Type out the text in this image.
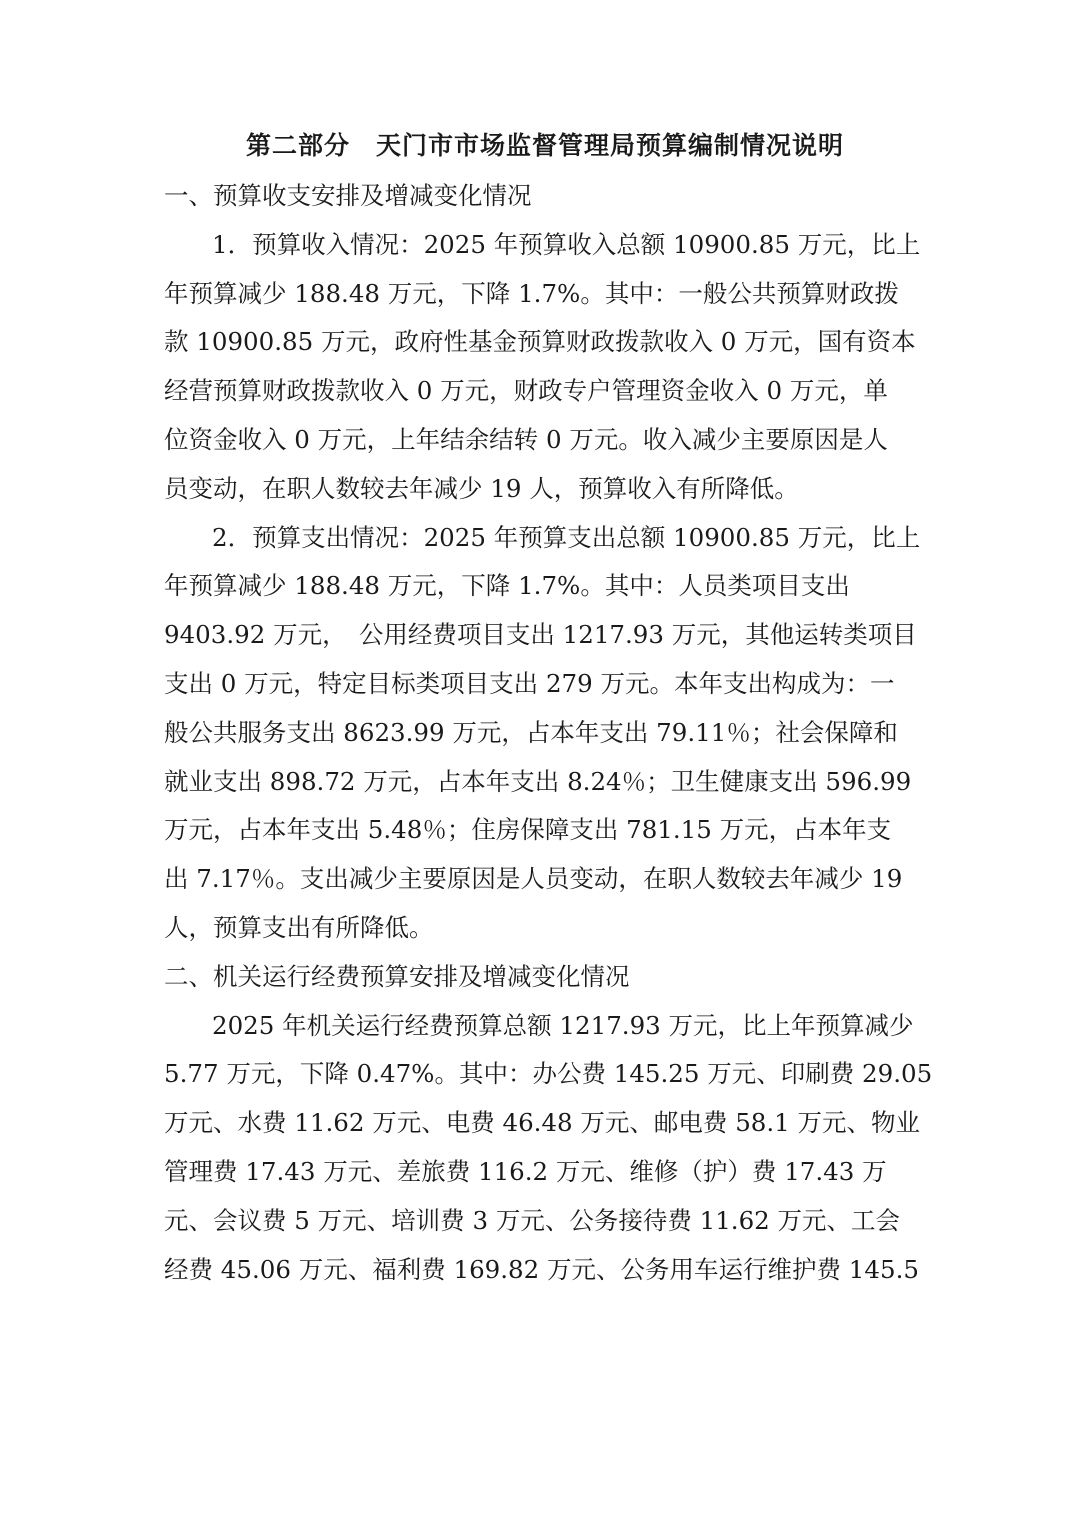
第二部分　天门市市场监督管理局预算编制情况说明
一、预算收支安排及增减变化情况
1．预算收入情况：2025 年预算收入总额 10900.85 万元，比上
年预算减少 188.48 万元，下降 1.7%。其中：一般公共预算财政拨
款 10900.85 万元，政府性基金预算财政拨款收入 0 万元，国有资本
经营预算财政拨款收入 0 万元，财政专户管理资金收入 0 万元，单
位资金收入 0 万元，上年结余结转 0 万元。收入减少主要原因是人
员变动，在职人数较去年减少 19 人，预算收入有所降低。
2．预算支出情况：2025 年预算支出总额 10900.85 万元，比上
年预算减少 188.48 万元，下降 1.7%。其中：人员类项目支出
9403.92 万元，　公用经费项目支出 1217.93 万元，其他运转类项目
支出 0 万元，特定目标类项目支出 279 万元。本年支出构成为：一
般公共服务支出 8623.99 万元，占本年支出 79.11％；社会保障和
就业支出 898.72 万元，占本年支出 8.24％；卫生健康支出 596.99
万元，占本年支出 5.48％；住房保障支出 781.15 万元，占本年支
出 7.17％。支出减少主要原因是人员变动，在职人数较去年减少 19
人，预算支出有所降低。
二、机关运行经费预算安排及增减变化情况
2025 年机关运行经费预算总额 1217.93 万元，比上年预算减少
5.77 万元，下降 0.47%。其中：办公费 145.25 万元、印刷费 29.05
万元、水费 11.62 万元、电费 46.48 万元、邮电费 58.1 万元、物业
管理费 17.43 万元、差旅费 116.2 万元、维修（护）费 17.43 万
元、会议费 5 万元、培训费 3 万元、公务接待费 11.62 万元、工会
经费 45.06 万元、福利费 169.82 万元、公务用车运行维护费 145.5
